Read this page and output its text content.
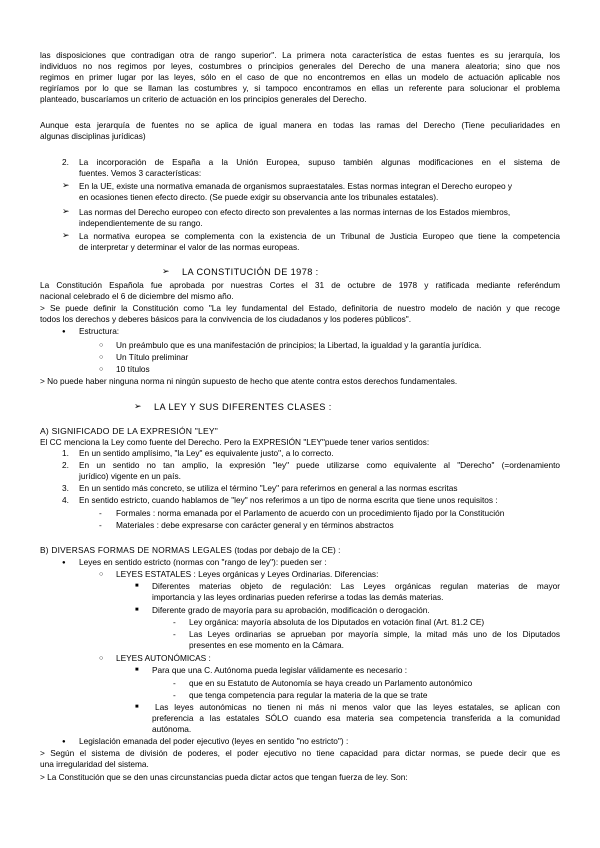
las disposiciones que contradigan otra de rango superior". La primera nota característica de estas fuentes es su jerarquía, los
individuos no nos regimos por leyes, costumbres o principios generales del Derecho de una manera aleatoria; sino que nos
regimos en primer lugar por las leyes, sólo en el caso de que no encontremos en ellas un modelo de actuación aplicable nos
regiríamos por lo que se llaman las costumbres y, si tampoco encontramos en ellas un referente para solucionar el problema
planteado, buscaríamos un criterio de actuación en los principios generales del Derecho.
Aunque esta jerarquía de fuentes no se aplica de igual manera en todas las ramas del Derecho (Tiene peculiaridades en
algunas disciplinas jurídicas)
2. La incorporación de España a la Unión Europea, supuso también algunas modificaciones en el sistema de
fuentes. Vemos 3 características:
➢ En la UE, existe una normativa emanada de organismos supraestatales. Estas normas integran el Derecho europeo y
en ocasiones tienen efecto directo. (Se puede exigir su observancia ante los tribunales estatales).
➢ Las normas del Derecho europeo con efecto directo son prevalentes a las normas internas de los Estados miembros,
independientemente de su rango.
➢ La normativa europea se complementa con la existencia de un Tribunal de Justicia Europeo que tiene la competencia
de interpretar y determinar el valor de las normas europeas.
➢ LA CONSTITUCIÓN DE 1978 :
La Constitución Española fue aprobada por nuestras Cortes el 31 de octubre de 1978 y ratificada mediante referéndum
nacional celebrado el 6 de diciembre del mismo año.
> Se puede definir la Constitución como "La ley fundamental del Estado, definitoria de nuestro modelo de nación y que recoge
todos los derechos y deberes básicos para la convivencia de los ciudadanos y los poderes públicos".
● Estructura:
○ Un preámbulo que es una manifestación de principios; la Libertad, la igualdad y la garantía jurídica.
○ Un Título preliminar
○ 10 títulos
> No puede haber ninguna norma ni ningún supuesto de hecho que atente contra estos derechos fundamentales.
➢ LA LEY Y SUS DIFERENTES CLASES :
A) SIGNIFICADO DE LA EXPRESIÓN "LEY"
El CC menciona la Ley como fuente del Derecho. Pero la EXPRESIÓN "LEY"puede tener varios sentidos:
1. En un sentido amplísimo, "la Ley" es equivalente justo", a lo correcto.
2. En un sentido no tan amplio, la expresión "ley" puede utilizarse como equivalente al "Derecho" (=ordenamiento
jurídico) vigente en un país.
3. En un sentido más concreto, se utiliza el término "Ley" para referirnos en general a las normas escritas
4. En sentido estricto, cuando hablamos de "ley" nos referimos a un tipo de norma escrita que tiene unos requisitos :
- Formales : norma emanada por el Parlamento de acuerdo con un procedimiento fijado por la Constitución
- Materiales : debe expresarse con carácter general y en términos abstractos
B) DIVERSAS FORMAS DE NORMAS LEGALES (todas por debajo de la CE) :
● Leyes en sentido estricto (normas con "rango de ley"): pueden ser :
○ LEYES ESTATALES : Leyes orgánicas y Leyes Ordinarias. Diferencias:
■ Diferentes materias objeto de regulación: Las Leyes orgánicas regulan materias de mayor
importancia y las leyes ordinarias pueden referirse a todas las demás materias.
■ Diferente grado de mayoría para su aprobación, modificación o derogación.
- Ley orgánica: mayoría absoluta de los Diputados en votación final (Art. 81.2 CE)
- Las Leyes ordinarias se aprueban por mayoría simple, la mitad más uno de los Diputados
presentes en ese momento en la Cámara.
○ LEYES AUTONÓMICAS :
■ Para que una C. Autónoma pueda legislar válidamente es necesario :
- que en su Estatuto de Autonomía se haya creado un Parlamento autonómico
- que tenga competencia para regular la materia de la que se trate
■ Las leyes autonómicas no tienen ni más ni menos valor que las leyes estatales, se aplican con
preferencia a las estatales SÓLO cuando esa materia sea competencia transferida a la comunidad
autónoma.
● Legislación emanada del poder ejecutivo (leyes en sentido "no estricto") :
> Según el sistema de división de poderes, el poder ejecutivo no tiene capacidad para dictar normas, se puede decir que es
una irregularidad del sistema.
> La Constitución que se den unas circunstancias pueda dictar actos que tengan fuerza de ley. Son:
